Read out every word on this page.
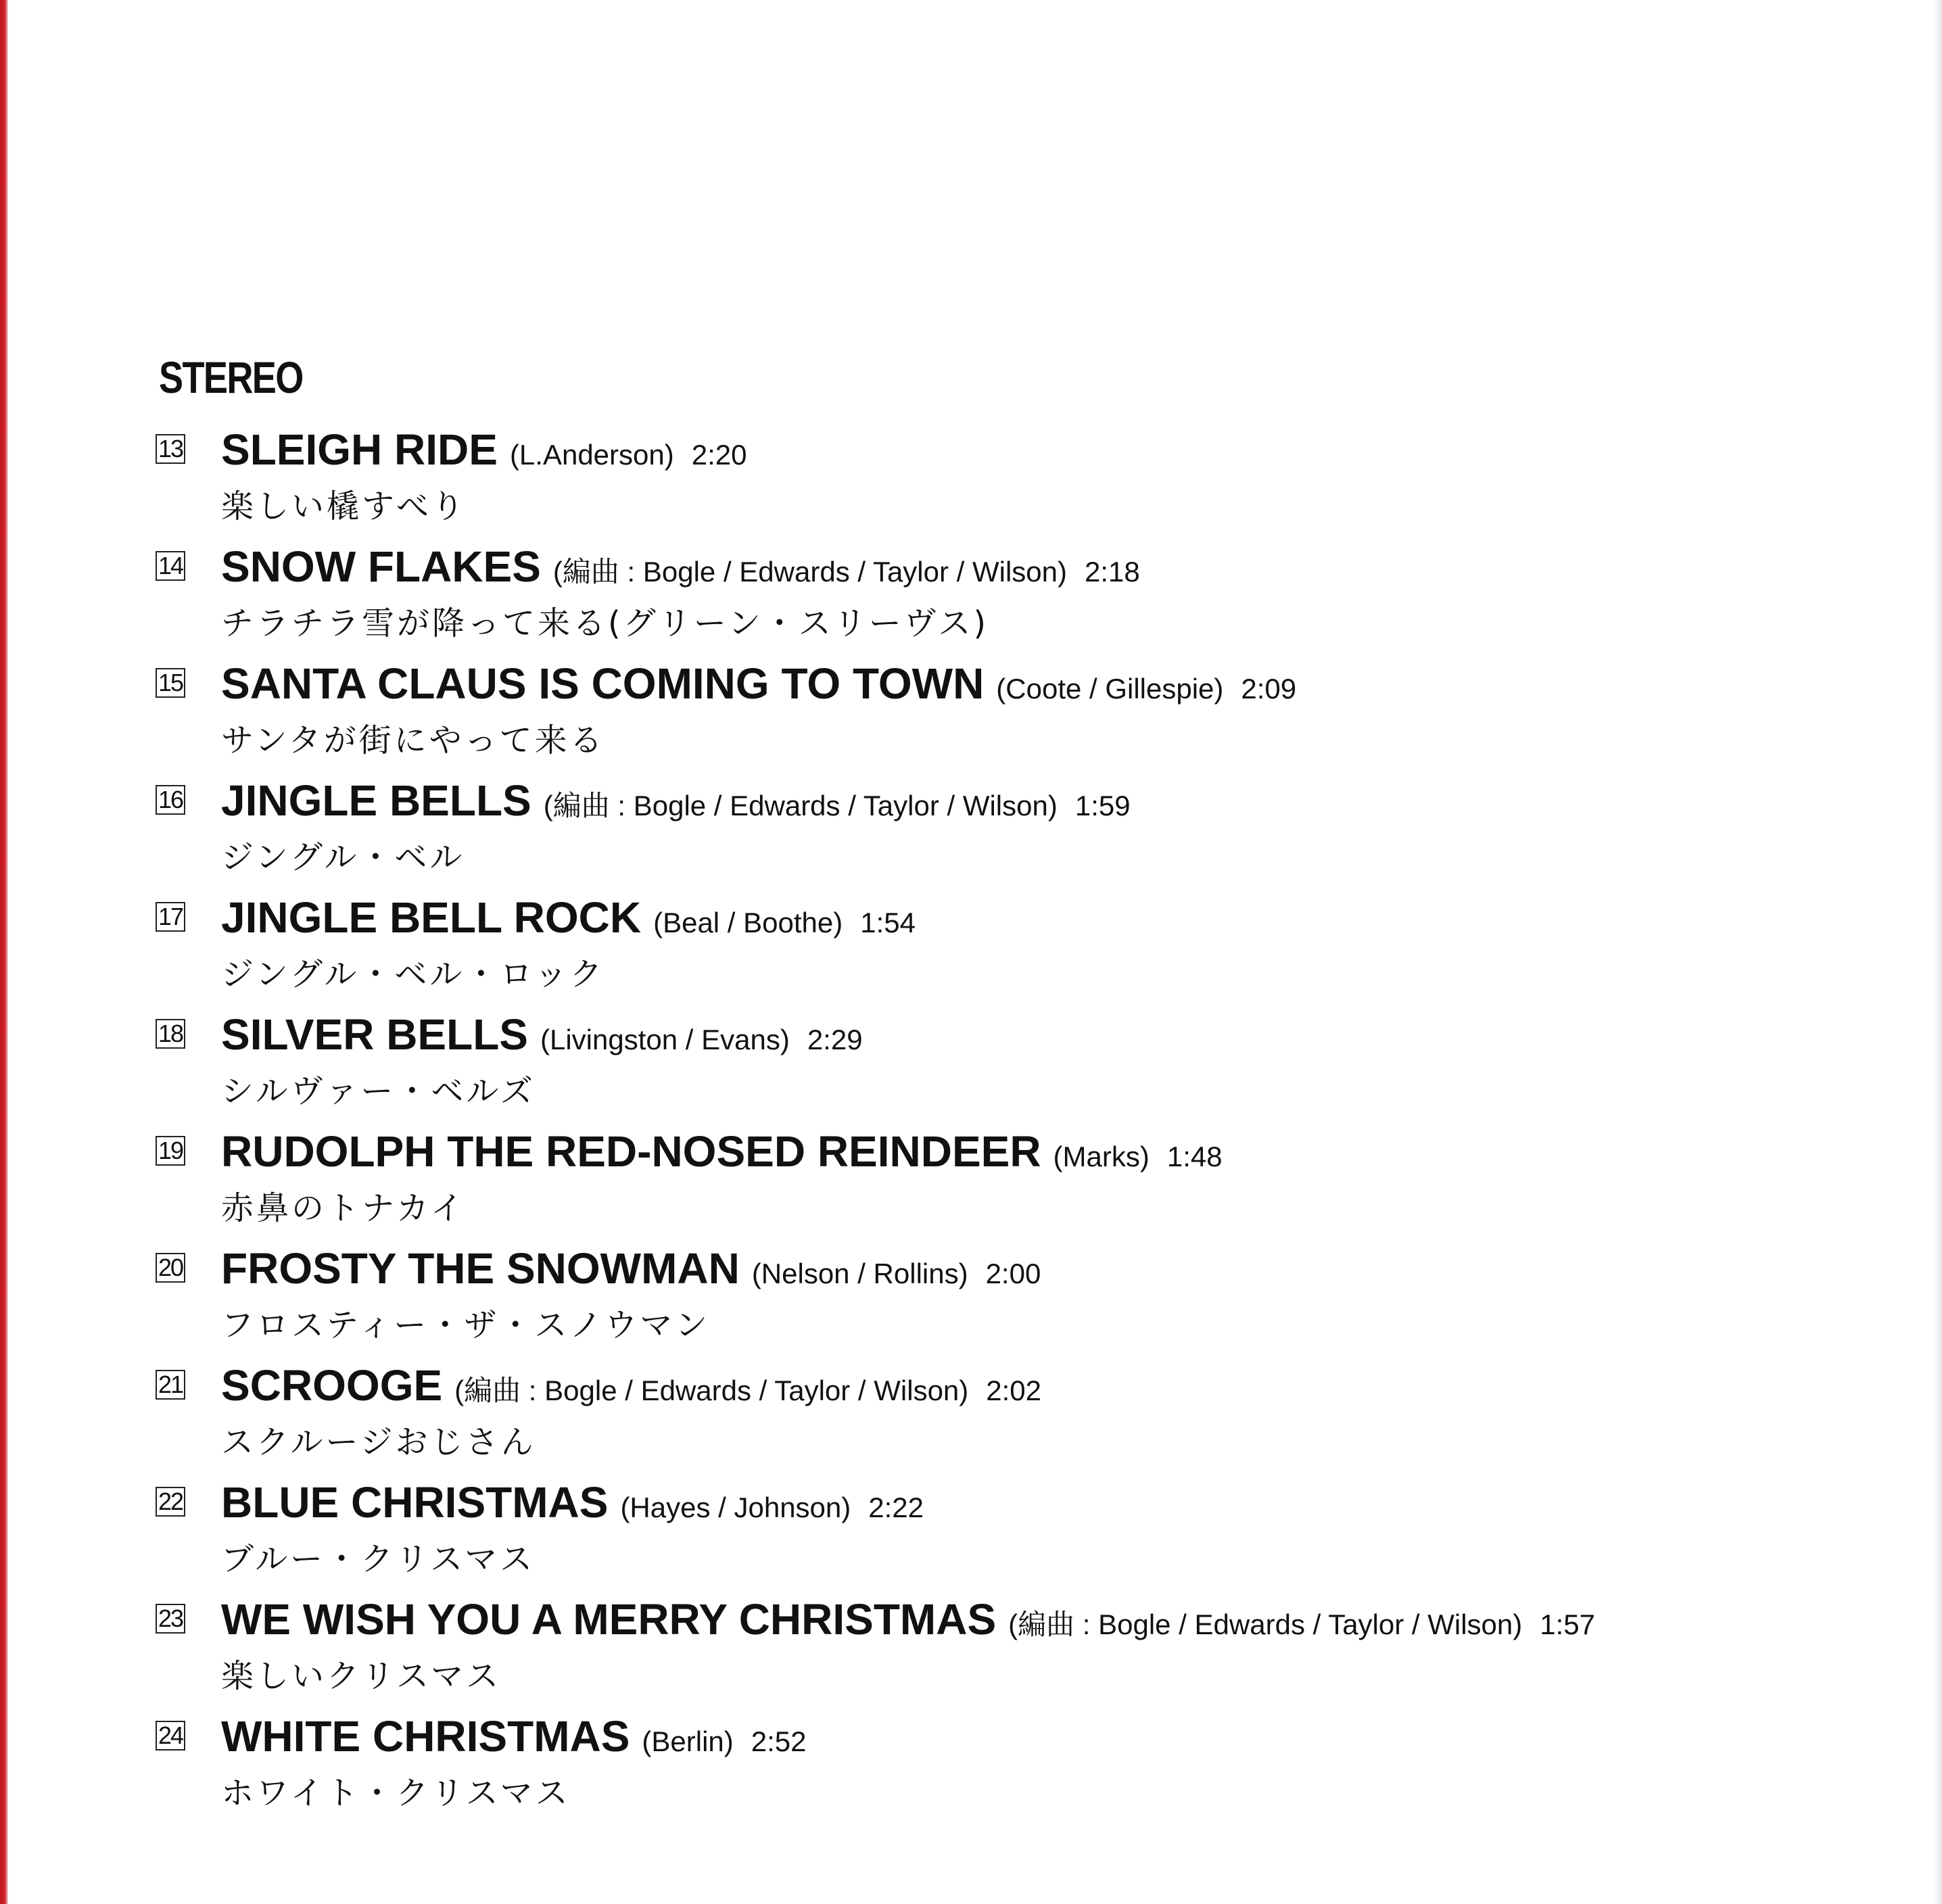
STEREO
13 SLEIGH RIDE (L.Anderson) 2:20
楽しい橇すべり
14 SNOW FLAKES (編曲 : Bogle / Edwards / Taylor / Wilson) 2:18
チラチラ雪が降って来る(グリーン・スリーヴス)
15 SANTA CLAUS IS COMING TO TOWN (Coote / Gillespie) 2:09
サンタが街にやって来る
16 JINGLE BELLS (編曲 : Bogle / Edwards / Taylor / Wilson) 1:59
ジングル・ベル
17 JINGLE BELL ROCK (Beal / Boothe) 1:54
ジングル・ベル・ロック
18 SILVER BELLS (Livingston / Evans) 2:29
シルヴァー・ベルズ
19 RUDOLPH THE RED-NOSED REINDEER (Marks) 1:48
赤鼻のトナカイ
20 FROSTY THE SNOWMAN (Nelson / Rollins) 2:00
フロスティー・ザ・スノウマン
21 SCROOGE (編曲 : Bogle / Edwards / Taylor / Wilson) 2:02
スクルージおじさん
22 BLUE CHRISTMAS (Hayes / Johnson) 2:22
ブルー・クリスマス
23 WE WISH YOU A MERRY CHRISTMAS (編曲 : Bogle / Edwards / Taylor / Wilson) 1:57
楽しいクリスマス
24 WHITE CHRISTMAS (Berlin) 2:52
ホワイト・クリスマス
